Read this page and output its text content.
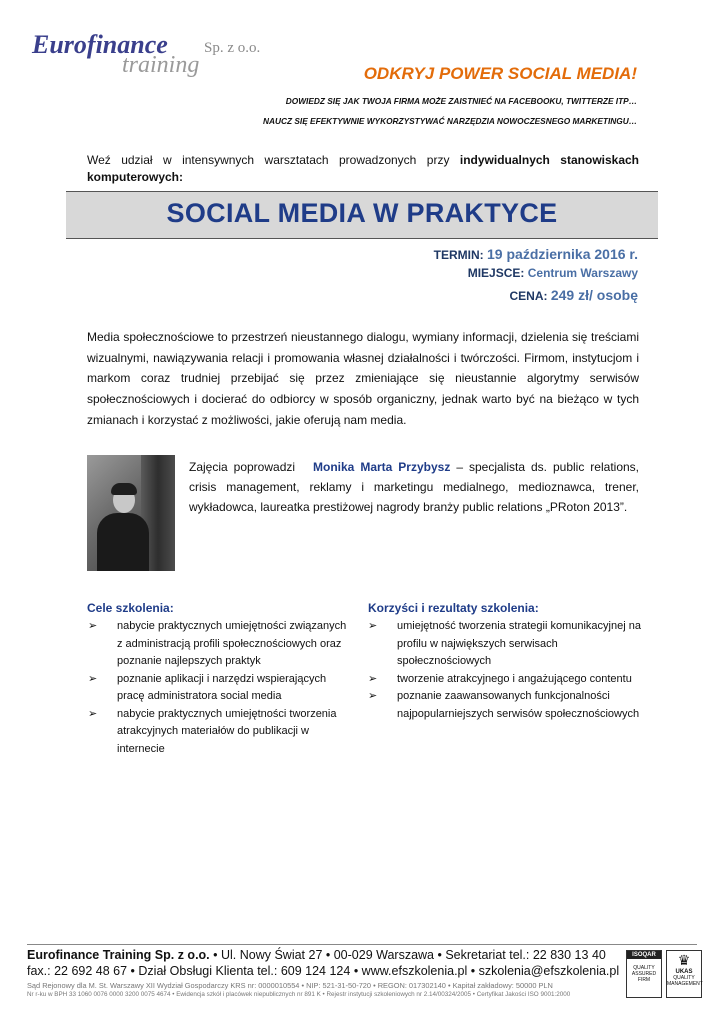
Eurofinance Sp. z o.o.
training	ODKRYJ POWER SOCIAL MEDIA!
DOWIEDZ SIĘ JAK TWOJA FIRMA MOŻE ZAISTNIEĆ NA FACEBOOKU, TWITTERZE ITP…
NAUCZ SIĘ EFEKTYWNIE WYKORZYSTYWAĆ NARZĘDZIA NOWOCZESNEGO MARKETINGU…
Weź udział w intensywnych warsztatach prowadzonych przy indywidualnych stanowiskach komputerowych:
SOCIAL MEDIA W PRAKTYCE
TERMIN: 19 października 2016 r.
MIEJSCE: Centrum Warszawy
CENA: 249 zł/ osobę
Media społecznościowe to przestrzeń nieustannego dialogu, wymiany informacji, dzielenia się treściami wizualnymi, nawiązywania relacji i promowania własnej działalności i twórczości. Firmom, instytucjom i markom coraz trudniej przebijać się przez zmieniające się nieustannie algorytmy serwisów społecznościowych i docierać do odbiorcy w sposób organiczny, jednak warto być na bieżąco w tych zmianach i korzystać z możliwości, jakie oferują nam media.
Zajęcia poprowadzi Monika Marta Przybysz – specjalista ds. public relations, crisis management, reklamy i marketingu medialnego, medioznawca, trener, wykładowca, laureatka prestiżowej nagrody branży public relations „PRoton 2013”.
Cele szkolenia:
➢ nabycie praktycznych umiejętności związanych z administracją profili społecznościowych oraz poznanie najlepszych praktyk
➢ poznanie aplikacji i narzędzi wspierających pracę administratora social media
➢ nabycie praktycznych umiejętności tworzenia atrakcyjnych materiałów do publikacji w internecie
Korzyści i rezultaty szkolenia:
➢ umiejętność tworzenia strategii komunikacyjnej na profilu w największych serwisach społecznościowych
➢ tworzenie atrakcyjnego i angażującego contentu
➢ poznanie zaawansowanych funkcjonalności najpopularniejszych serwisów społecznościowych
Eurofinance Training Sp. z o.o. • Ul. Nowy Świat 27 • 00-029 Warszawa • Sekretariat tel.: 22 830 13 40
fax.: 22 692 48 67 • Dział Obsługi Klienta tel.: 609 124 124 • www.efszkolenia.pl • szkolenia@efszkolenia.pl
Sąd Rejonowy dla M. St. Warszawy XII Wydział Gospodarczy KRS nr: 0000010554 • NIP: 521-31-50-720 • REGON: 017302140 • Kapitał zakładowy: 50000 PLN
Nr r-ku w BPH 33 1060 0076 0000 3200 0075 4674 • Ewidencja szkół i placówek niepublicznych nr 891 K • Rejestr instytucji szkoleniowych nr 2.14/00324/2005 • Certyfikat Jakości ISO 9001:2000
ISOQAR
QUALITY ASSURED FIRM
♛
UKAS
QUALITY MANAGEMENT
